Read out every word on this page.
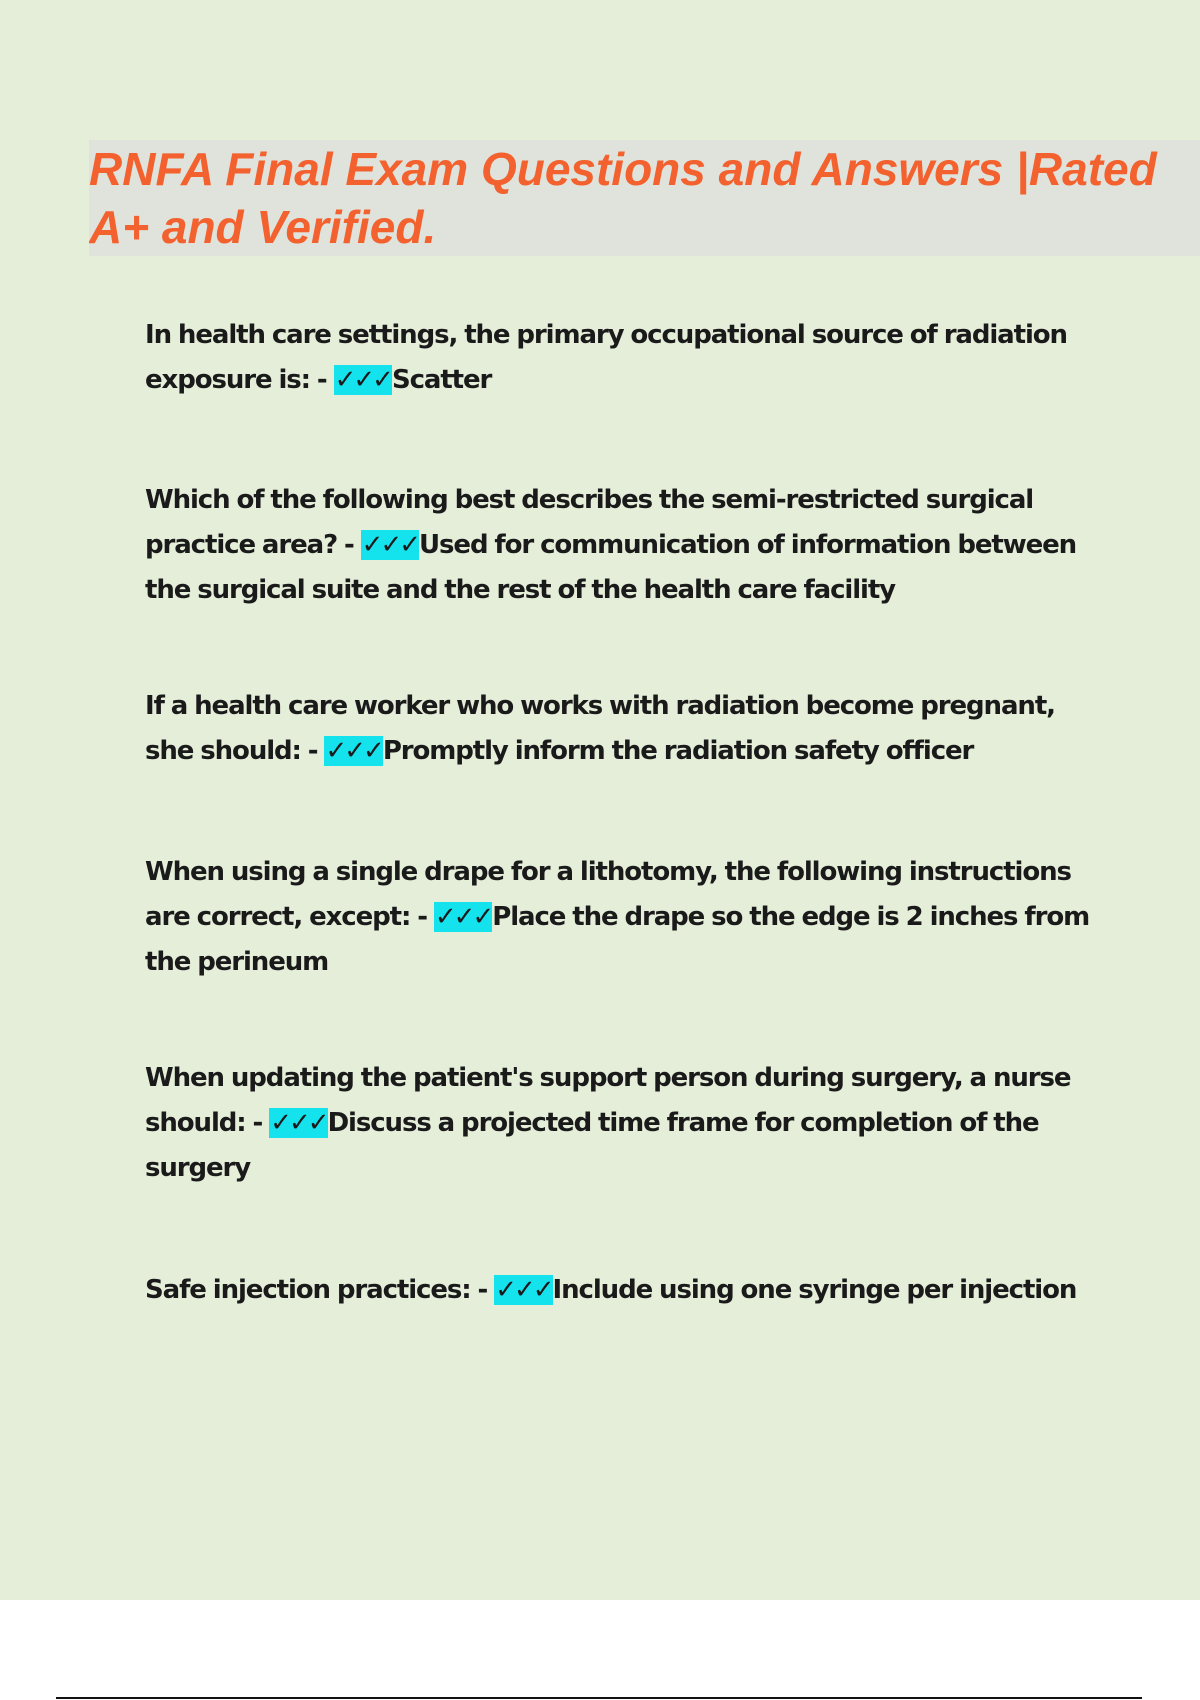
RNFA Final Exam Questions and Answers |Rated
A+ and Verified.
In health care settings, the primary occupational source of radiation exposure is: - ✓✓✓Scatter
Which of the following best describes the semi-restricted surgical practice area? - ✓✓✓Used for communication of information between the surgical suite and the rest of the health care facility
If a health care worker who works with radiation become pregnant, she should: - ✓✓✓Promptly inform the radiation safety officer
When using a single drape for a lithotomy, the following instructions are correct, except: - ✓✓✓Place the drape so the edge is 2 inches from the perineum
When updating the patient's support person during surgery, a nurse should: - ✓✓✓Discuss a projected time frame for completion of the surgery
Safe injection practices: - ✓✓✓Include using one syringe per injection
